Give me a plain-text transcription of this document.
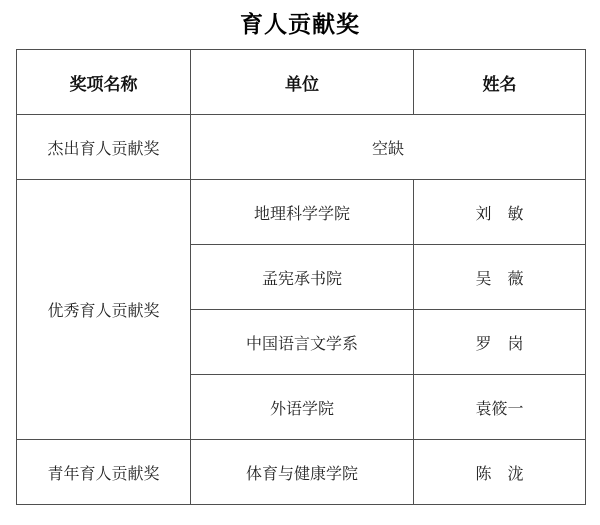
育人贡献奖
奖项名称	单位	姓名
杰出育人贡献奖	空缺	
优秀育人贡献奖	地理科学学院	刘　敏
	孟宪承书院	吴　薇
	中国语言文学系	罗　岗
	外语学院	袁筱一
青年育人贡献奖	体育与健康学院	陈　泷
